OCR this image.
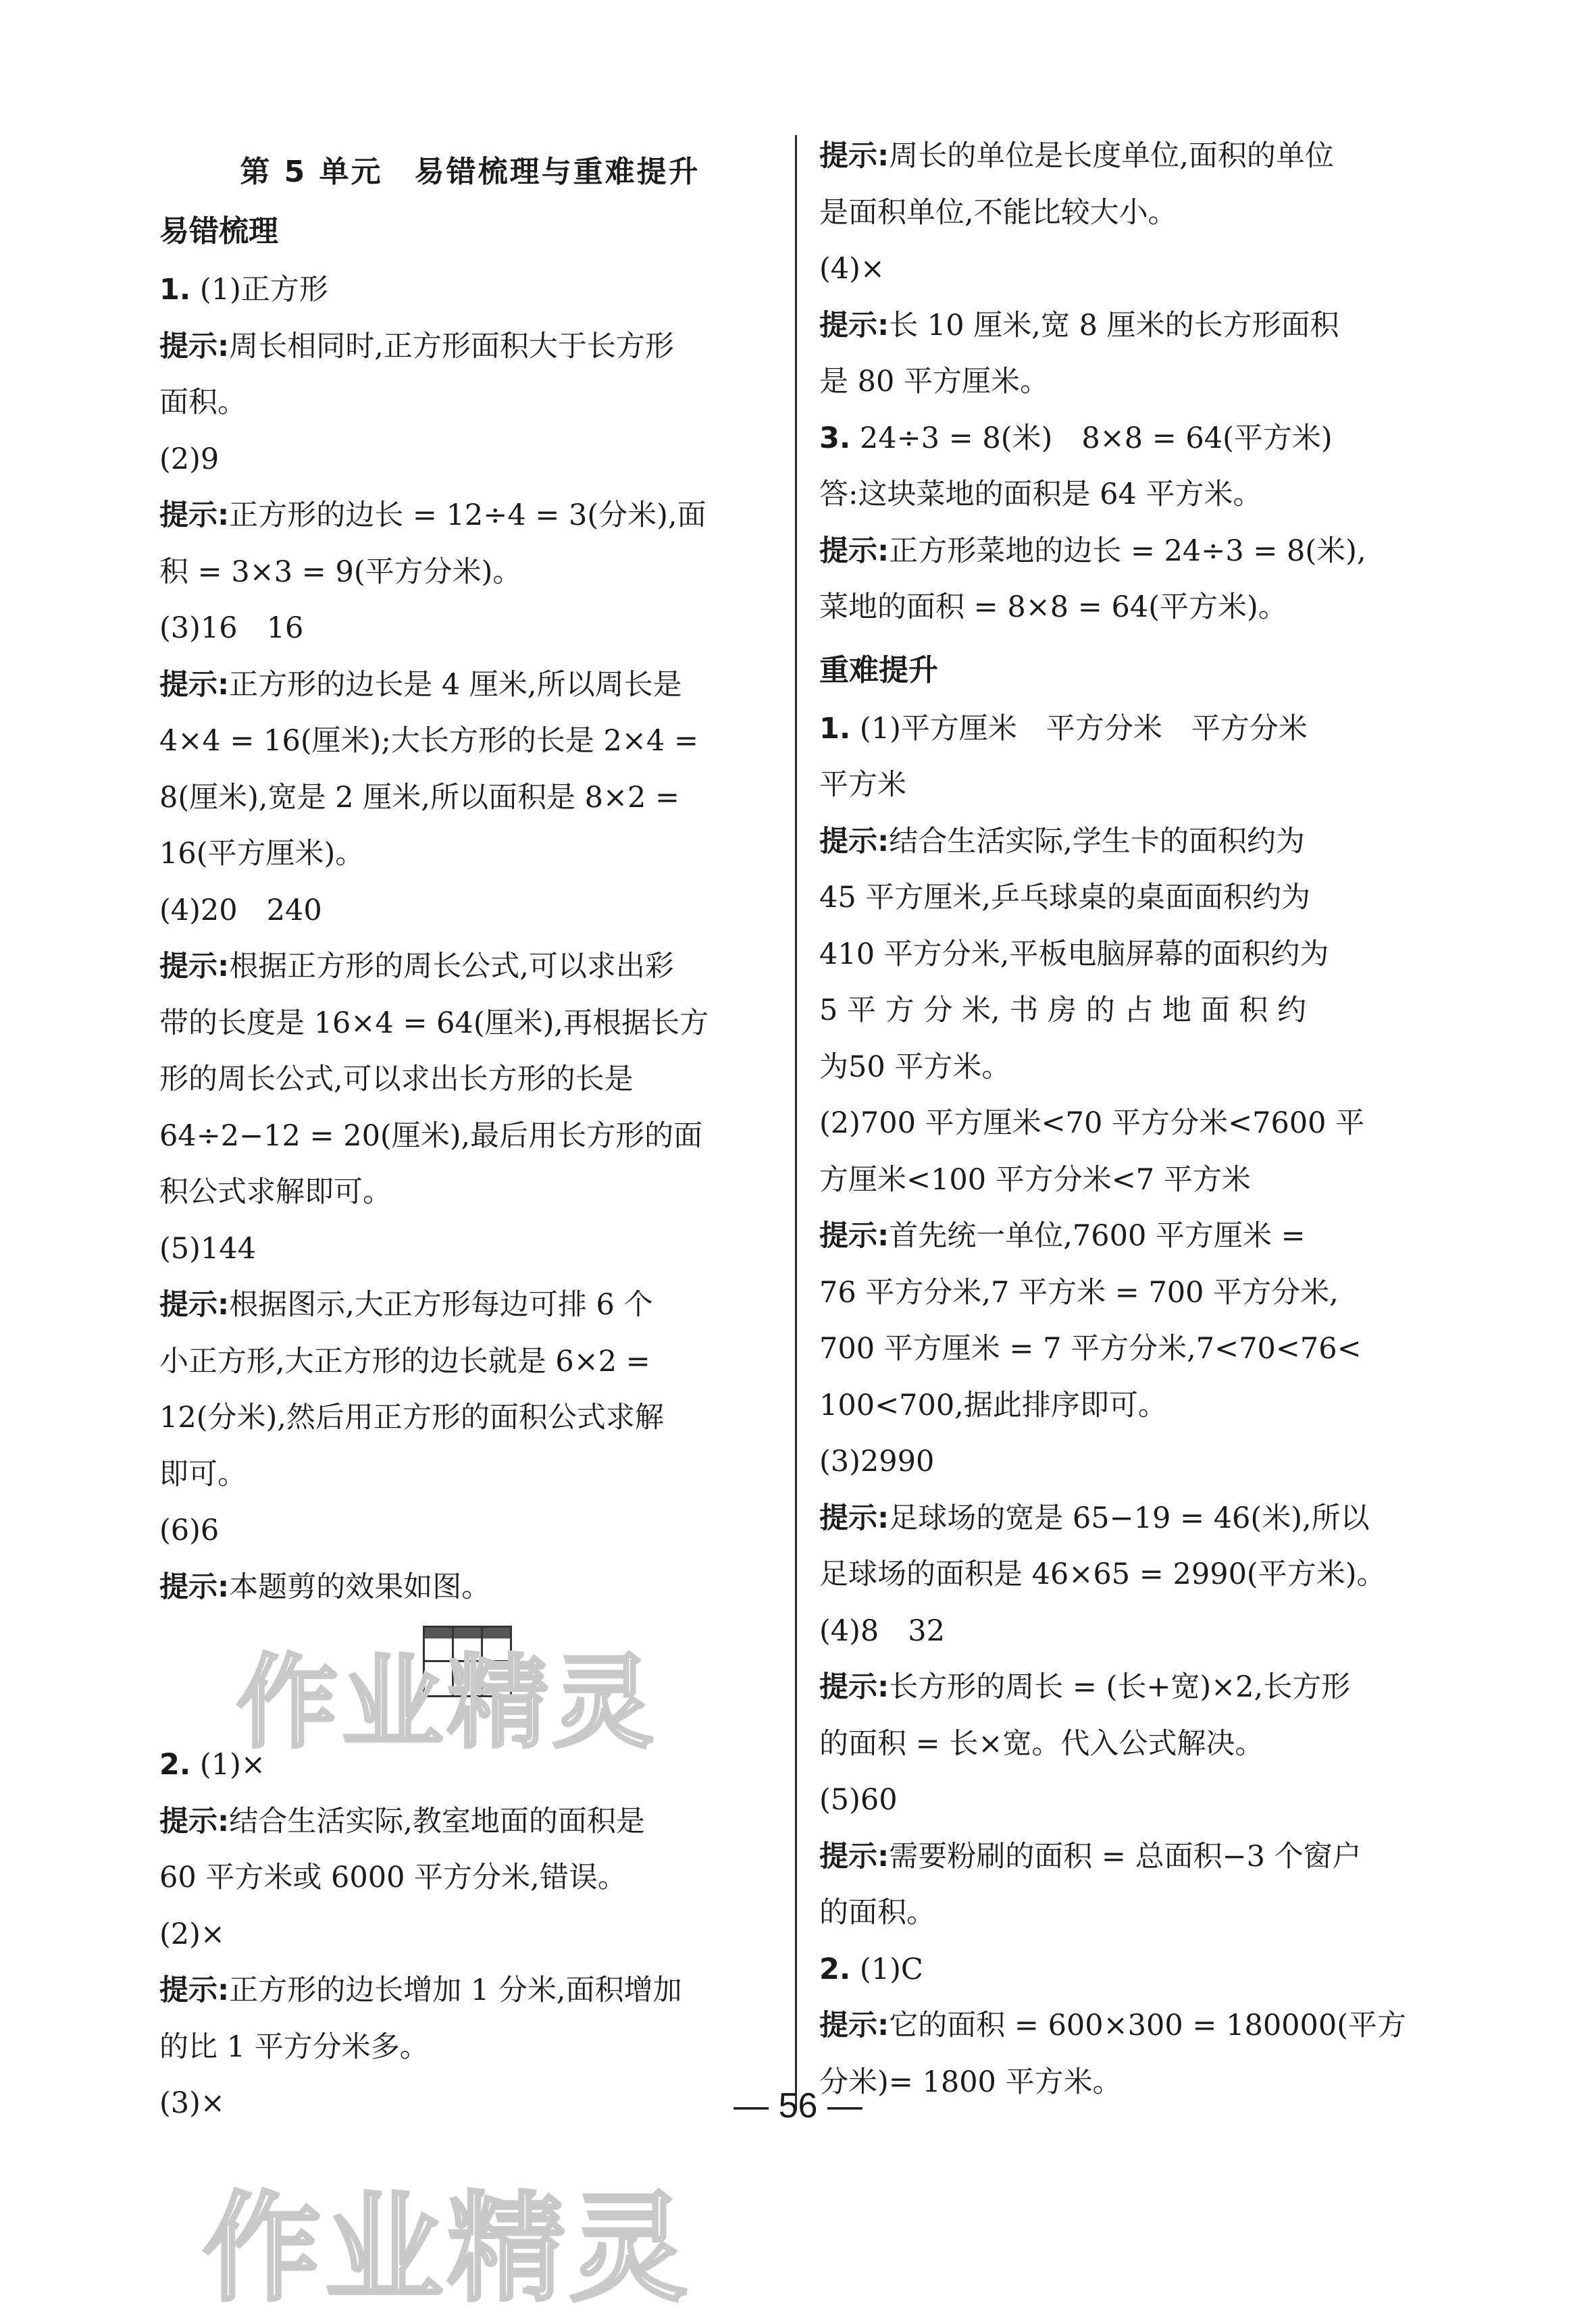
第 5 单元　易错梳理与重难提升
易错梳理
1. (1)正方形
提示:周长相同时,正方形面积大于长方形
面积。
(2)9
提示:正方形的边长 = 12÷4 = 3(分米),面
积 = 3×3 = 9(平方分米)。
(3)16　16
提示:正方形的边长是 4 厘米,所以周长是
4×4 = 16(厘米);大长方形的长是 2×4 =
8(厘米),宽是 2 厘米,所以面积是 8×2 =
16(平方厘米)。
(4)20　240
提示:根据正方形的周长公式,可以求出彩
带的长度是 16×4 = 64(厘米),再根据长方
形的周长公式,可以求出长方形的长是
64÷2−12 = 20(厘米),最后用长方形的面
积公式求解即可。
(5)144
提示:根据图示,大正方形每边可排 6 个
小正方形,大正方形的边长就是 6×2 =
12(分米),然后用正方形的面积公式求解
即可。
(6)6
提示:本题剪的效果如图。
2. (1)×
提示:结合生活实际,教室地面的面积是
60 平方米或 6000 平方分米,错误。
(2)×
提示:正方形的边长增加 1 分米,面积增加
的比 1 平方分米多。
(3)×
提示:周长的单位是长度单位,面积的单位
是面积单位,不能比较大小。
(4)×
提示:长 10 厘米,宽 8 厘米的长方形面积
是 80 平方厘米。
3. 24÷3 = 8(米)　8×8 = 64(平方米)
答:这块菜地的面积是 64 平方米。
提示:正方形菜地的边长 = 24÷3 = 8(米),
菜地的面积 = 8×8 = 64(平方米)。
重难提升
1. (1)平方厘米　平方分米　平方分米
平方米
提示:结合生活实际,学生卡的面积约为
45 平方厘米,乒乓球桌的桌面面积约为
410 平方分米,平板电脑屏幕的面积约为
5 平 方 分 米, 书 房 的 占 地 面 积 约
为50 平方米。
(2)700 平方厘米<70 平方分米<7600 平
方厘米<100 平方分米<7 平方米
提示:首先统一单位,7600 平方厘米 =
76 平方分米,7 平方米 = 700 平方分米,
700 平方厘米 = 7 平方分米,7<70<76<
100<700,据此排序即可。
(3)2990
提示:足球场的宽是 65−19 = 46(米),所以
足球场的面积是 46×65 = 2990(平方米)。
(4)8　32
提示:长方形的周长 = (长+宽)×2,长方形
的面积 = 长×宽。代入公式解决。
(5)60
提示:需要粉刷的面积 = 总面积−3 个窗户
的面积。
2. (1)C
提示:它的面积 = 600×300 = 180000(平方
分米)= 1800 平方米。
作业精灵
作业精灵
— 56 —
